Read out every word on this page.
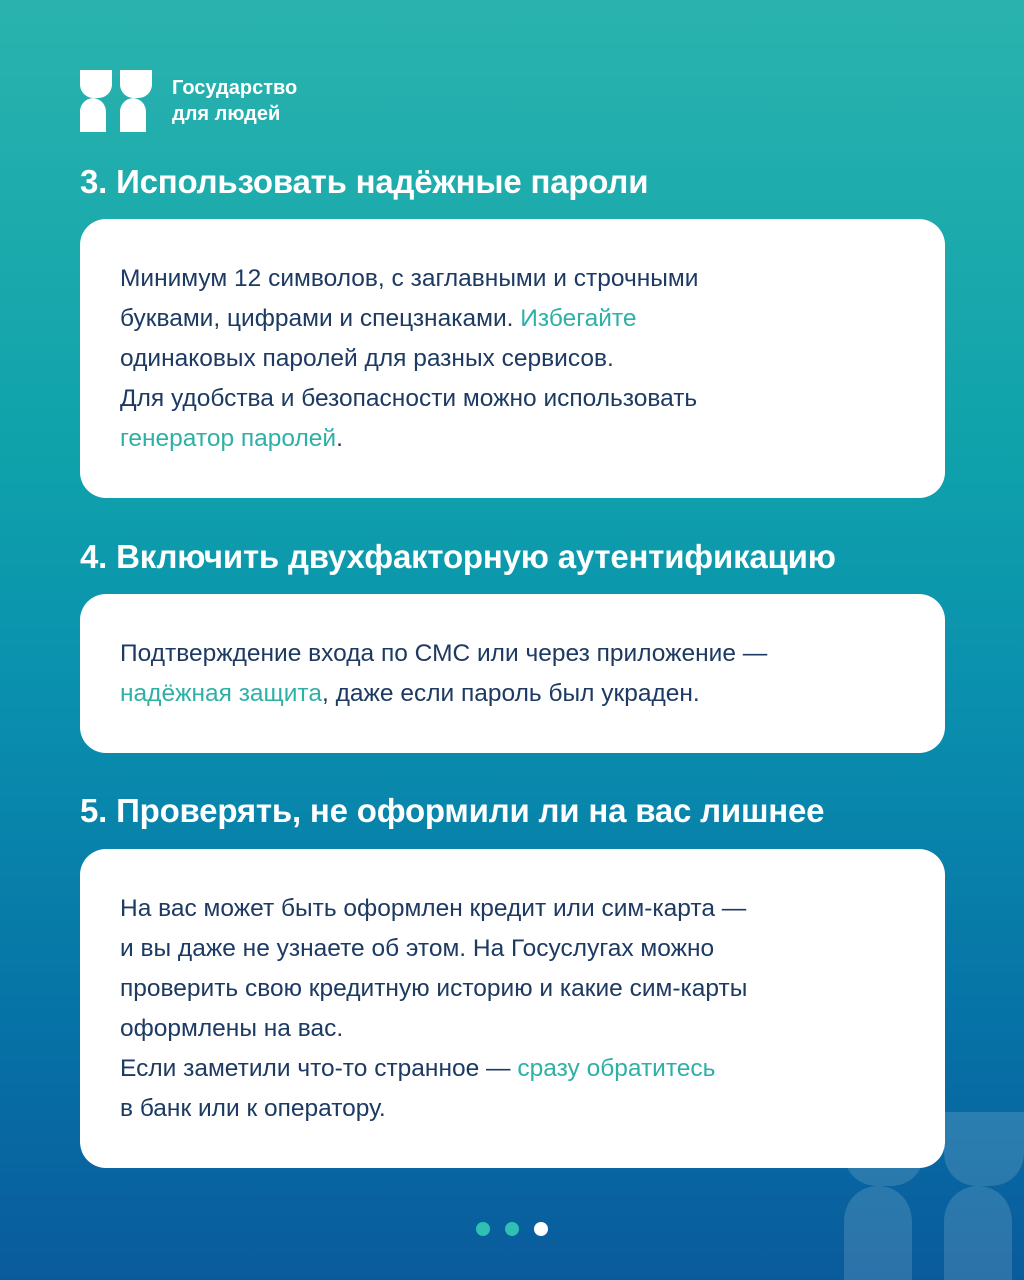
Государство
для людей
3. Использовать надёжные пароли

Минимум 12 символов, с заглавными и строчными
буквами, цифрами и спецзнаками. Избегайте
одинаковых паролей для разных сервисов.
Для удобства и безопасности можно использовать
генератор паролей.

4. Включить двухфакторную аутентификацию

Подтверждение входа по СМС или через приложение —
надёжная защита, даже если пароль был украден.

5. Проверять, не оформили ли на вас лишнее

На вас может быть оформлен кредит или сим-карта —
и вы даже не узнаете об этом. На Госуслугах можно
проверить свою кредитную историю и какие сим-карты
оформлены на вас.
Если заметили что-то странное — сразу обратитесь
в банк или к оператору.
